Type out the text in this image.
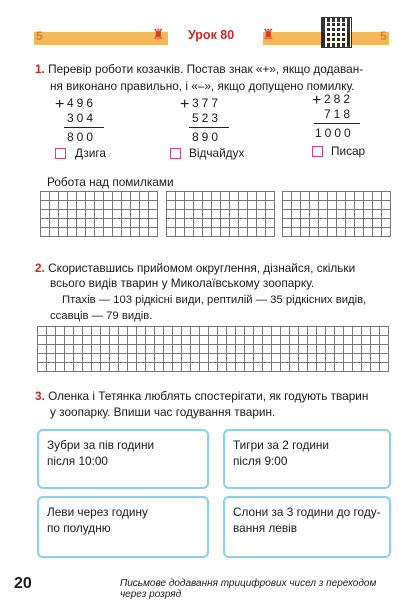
5	5
♜	♜
Урок 80
1. Перевір роботи козачків. Постав знак «+», якщо додаван-
ня виконано правильно, і «–», якщо допущено помилку.
+ 496
304
800
Дзига
+ 377
523
890
Відчайдух
+ 282
718
1000
Писар
Робота над помилками
2. Скориставшись прийомом округлення, дізнайся, скільки
всього видів тварин у Миколаївському зоопарку.
Птахів — 103 рідкісні види, рептилій — 35 рідкісних видів,
ссавців — 79 видів.
3. Оленка і Тетянка люблять спостерігати, як годують тварин
у зоопарку. Впиши час годування тварин.
Зубри за пів години
після 10:00
Тигри за 2 години
після 9:00
Леви через годину
по полудню
Слони за 3 години до году-
вання левів
20	Письмове додавання трицифрових чисел з переходом через розряд
